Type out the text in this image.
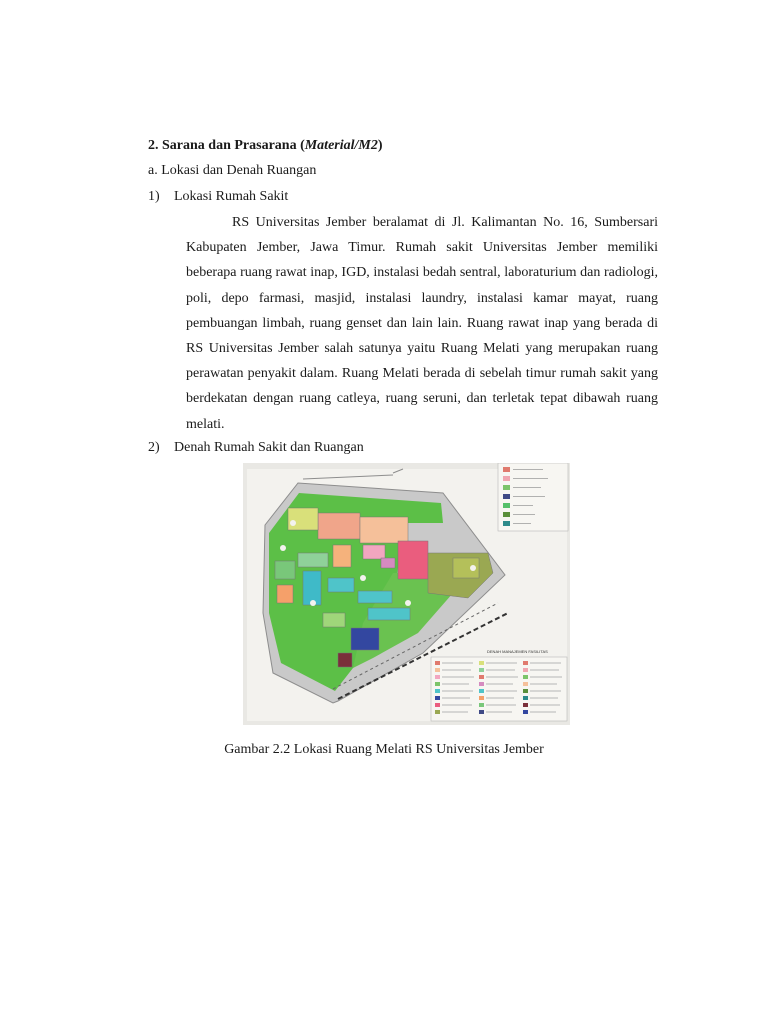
2. Sarana dan Prasarana (Material/M2)
a. Lokasi dan Denah Ruangan
1) Lokasi Rumah Sakit
RS Universitas Jember beralamat di Jl. Kalimantan No. 16, Sumbersari Kabupaten Jember, Jawa Timur. Rumah sakit Universitas Jember memiliki beberapa ruang rawat inap, IGD, instalasi bedah sentral, laboraturium dan radiologi, poli, depo farmasi, masjid, instalasi laundry, instalasi kamar mayat, ruang pembuangan limbah, ruang genset dan lain lain. Ruang rawat inap yang berada di RS Universitas Jember salah satunya yaitu Ruang Melati yang merupakan ruang perawatan penyakit dalam. Ruang Melati berada di sebelah timur rumah sakit yang berdekatan dengan ruang catleya, ruang seruni, dan terletak tepat dibawah ruang melati.
2) Denah Rumah Sakit dan Ruangan
DENAH MANAJEMEN FASILITAS
Gambar 2.2 Lokasi Ruang Melati RS Universitas Jember
